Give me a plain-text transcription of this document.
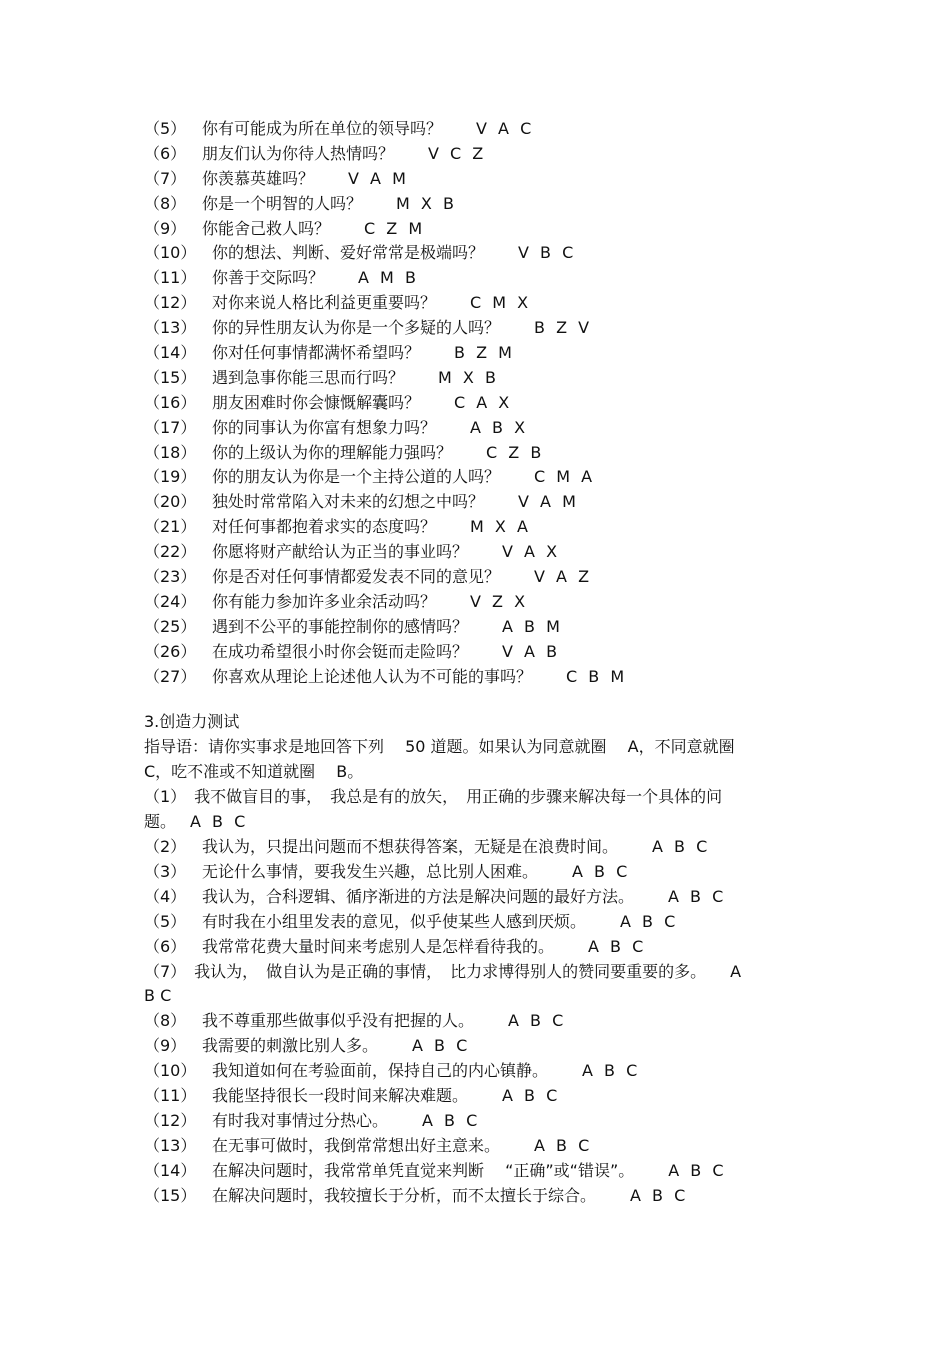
（5） 你有可能成为所在单位的领导吗？ V A C
（6） 朋友们认为你待人热情吗？ V C Z
（7） 你羡慕英雄吗？ V A M
（8） 你是一个明智的人吗？ M X B
（9） 你能舍己救人吗？ C Z M
（10） 你的想法、判断、爱好常常是极端吗？ V B C
（11） 你善于交际吗？ A M B
（12） 对你来说人格比利益更重要吗？ C M X
（13） 你的异性朋友认为你是一个多疑的人吗？ B Z V
（14） 你对任何事情都满怀希望吗？ B Z M
（15） 遇到急事你能三思而行吗？ M X B
（16） 朋友困难时你会慷慨解囊吗？ C A X
（17） 你的同事认为你富有想象力吗？ A B X
（18） 你的上级认为你的理解能力强吗？ C Z B
（19） 你的朋友认为你是一个主持公道的人吗？ C M A
（20） 独处时常常陷入对未来的幻想之中吗？ V A M
（21） 对任何事都抱着求实的态度吗？ M X A
（22） 你愿将财产献给认为正当的事业吗？ V A X
（23） 你是否对任何事情都爱发表不同的意见？ V A Z
（24） 你有能力参加许多业余活动吗？ V Z X
（25） 遇到不公平的事能控制你的感情吗？ A B M
（26） 在成功希望很小时你会铤而走险吗？ V A B
（27） 你喜欢从理论上论述他人认为不可能的事吗？ C B M
3.创造力测试
指导语：请你实事求是地回答下列　 50 道题。如果认为同意就圈　 A，不同意就圈
C，吃不准或不知道就圈　 B。
（1）　我不做盲目的事，　我总是有的放矢，　用正确的步骤来解决每一个具体的问
题。 A B C
（2） 我认为，只提出问题而不想获得答案，无疑是在浪费时间。 A B C
（3） 无论什么事情，要我发生兴趣，总比别人困难。 A B C
（4） 我认为，合科逻辑、循序渐进的方法是解决问题的最好方法。 A B C
（5） 有时我在小组里发表的意见，似乎使某些人感到厌烦。 A B C
（6） 我常常花费大量时间来考虑别人是怎样看待我的。 A B C
（7）　我认为，　做自认为是正确的事情，　比力求博得别人的赞同要重要的多。　　A
B C
（8） 我不尊重那些做事似乎没有把握的人。 A B C
（9） 我需要的刺激比别人多。 A B C
（10） 我知道如何在考验面前，保持自己的内心镇静。 A B C
（11） 我能坚持很长一段时间来解决难题。 A B C
（12） 有时我对事情过分热心。 A B C
（13） 在无事可做时，我倒常常想出好主意来。 A B C
（14） 在解决问题时，我常常单凭直觉来判断　 “正确”或“错误”。 A B C
（15） 在解决问题时，我较擅长于分析，而不太擅长于综合。 A B C
